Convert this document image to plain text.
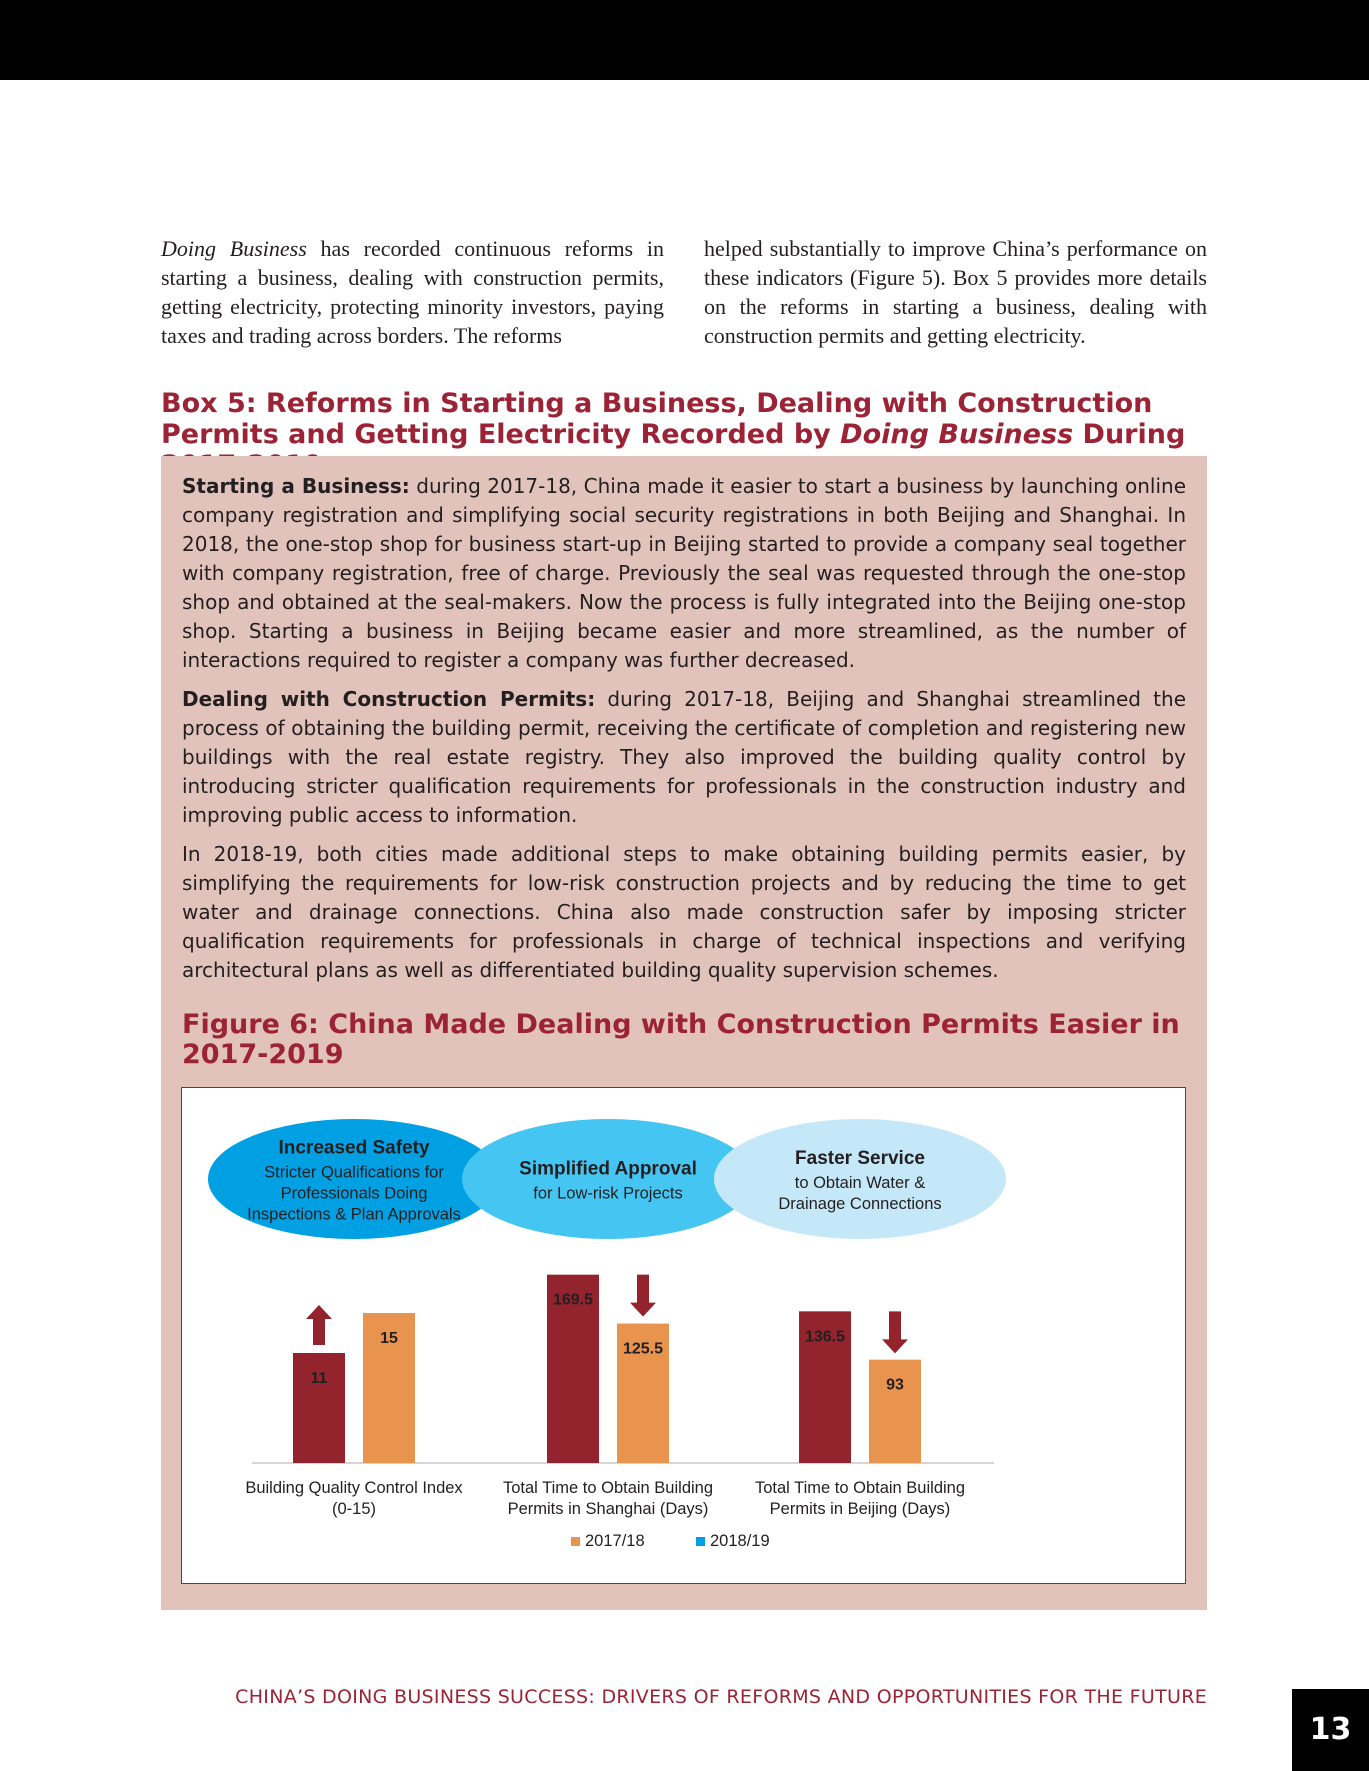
Doing Business has recorded continuous reforms in starting a business, dealing with construction permits, getting electricity, protecting minority investors, paying taxes and trading across borders. The reforms
helped substantially to improve China’s performance on these indicators (Figure 5). Box 5 provides more details on the reforms in starting a business, dealing with construction permits and getting electricity.
Box 5: Reforms in Starting a Business, Dealing with Construction Permits and Getting Electricity Recorded by Doing Business During

Starting a Business: during 2017-18, China made it easier to start a business by launching online company registration and simplifying social security registrations in both Beijing and Shanghai. In 2018, the one-stop shop for business start-up in Beijing started to provide a company seal together with company registration, free of charge. Previously the seal was requested through the one-stop shop and obtained at the seal-makers. Now the process is fully integrated into the Beijing one-stop shop. Starting a business in Beijing became easier and more streamlined, as the number of interactions required to register a company was further decreased.

Dealing with Construction Permits: during 2017-18, Beijing and Shanghai streamlined the process of obtaining the building permit, receiving the certificate of completion and registering new buildings with the real estate registry. They also improved the building quality control by introducing stricter qualification requirements for professionals in the construction industry and improving public access to information.

In 2018-19, both cities made additional steps to make obtaining building permits easier, by simplifying the requirements for low-risk construction projects and by reducing the time to get water and drainage connections. China also made construction safer by imposing stricter qualification requirements for professionals in charge of technical inspections and verifying architectural plans as well as differentiated building quality supervision schemes.

Figure 6: China Made Dealing with Construction Permits Easier in 2017-2019
Increased Safety
Stricter Qualifications for
Professionals Doing
Inspections & Plan Approvals
Simplified Approval
for Low-risk Projects
Faster Service
to Obtain Water &
Drainage Connections
11
15
Building Quality Control Index
(0-15)
169.5
125.5
Total Time to Obtain Building
Permits in Shanghai (Days)
136.5
93
Total Time to Obtain Building
Permits in Beijing (Days)
2017/18	2018/19
CHINA’S DOING BUSINESS SUCCESS: DRIVERS OF REFORMS AND OPPORTUNITIES FOR THE FUTURE
13
